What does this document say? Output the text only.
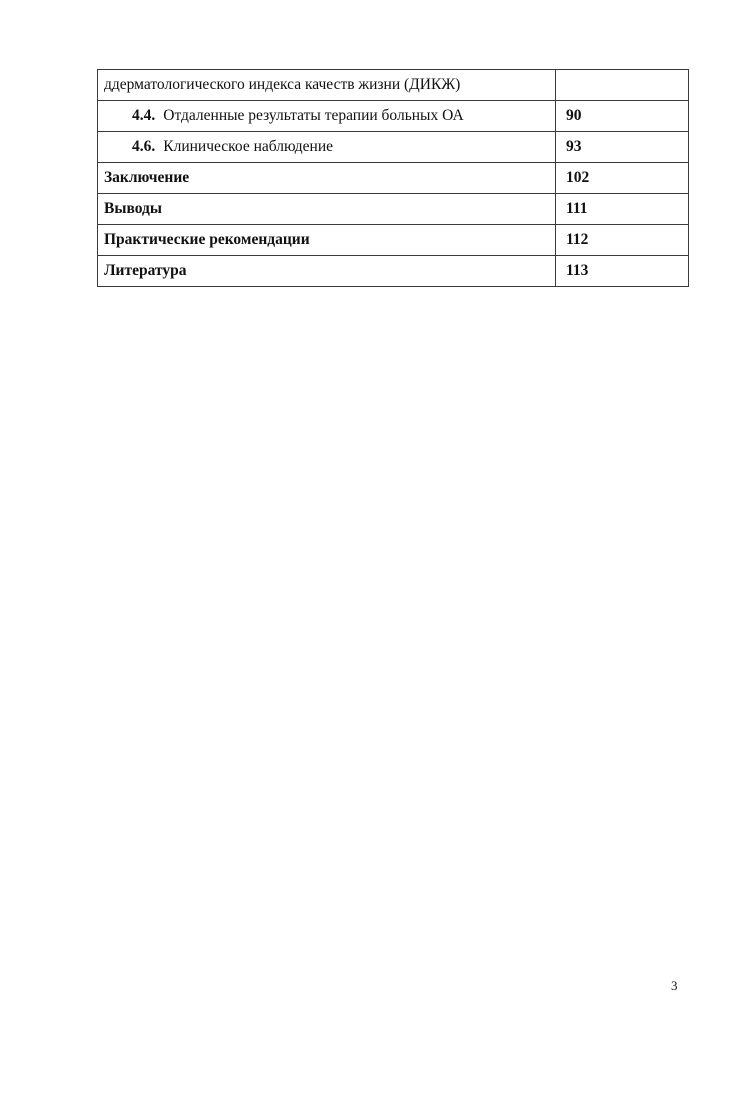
ддерматологического индекса качеств жизни (ДИКЖ)	
4.4. Отдаленные результаты терапии больных ОА	90
4.6. Клиническое наблюдение	93
Заключение	102
Выводы	111
Практические рекомендации	112
Литература	113
3
